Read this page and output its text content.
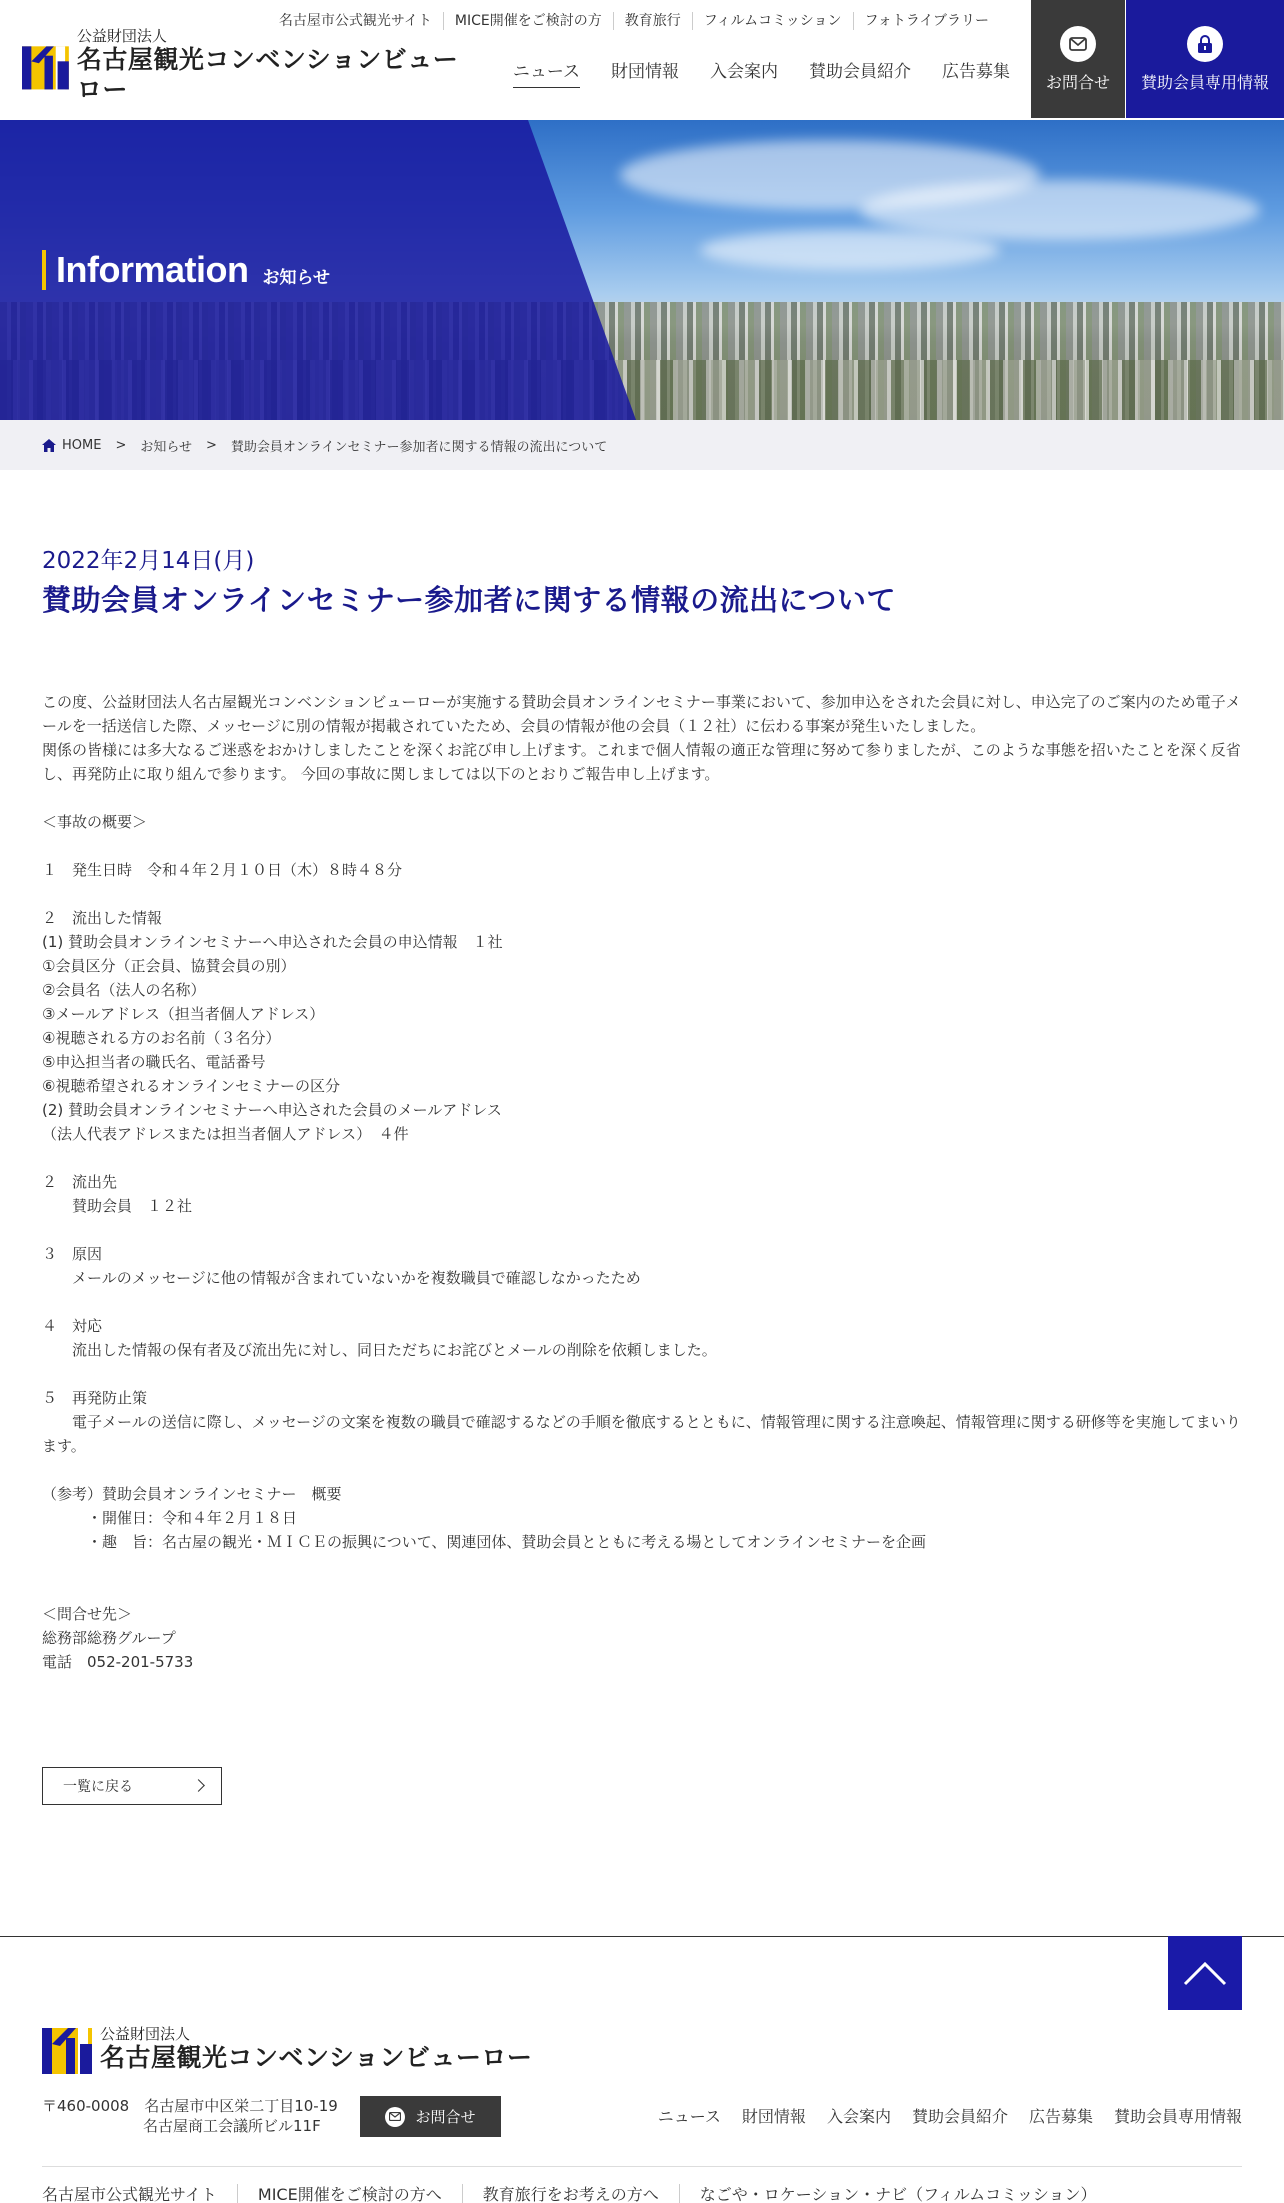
公益財団法人
名古屋観光コンベンションビューロー
名古屋市公式観光サイト	MICE開催をご検討の方	教育旅行	フィルムコミッション	フォトライブラリー
ニュース 財団情報 入会案内 賛助会員紹介 広告募集 お問合せ 賛助会員専用情報
Information お知らせ
HOME > お知らせ > 賛助会員オンラインセミナー参加者に関する情報の流出について
2022年2月14日(月)
賛助会員オンラインセミナー参加者に関する情報の流出について

この度、公益財団法人名古屋観光コンベンションビューローが実施する賛助会員オンラインセミナー事業において、参加申込をされた会員に対し、申込完了のご案内のため電子メールを一括送信した際、メッセージに別の情報が掲載されていたため、会員の情報が他の会員（１２社）に伝わる事案が発生いたしました。
関係の皆様には多大なるご迷惑をおかけしましたことを深くお詫び申し上げます。これまで個人情報の適正な管理に努めて参りましたが、このような事態を招いたことを深く反省し、再発防止に取り組んで参ります。 今回の事故に関しましては以下のとおりご報告申し上げます。

＜事故の概要＞

１　発生日時　令和４年２月１０日（木）８時４８分

２　流出した情報
(1) 賛助会員オンラインセミナーへ申込された会員の申込情報　１社
①会員区分（正会員、協賛会員の別）
②会員名（法人の名称）
③メールアドレス（担当者個人アドレス）
④視聴される方のお名前（３名分）
⑤申込担当者の職氏名、電話番号
⑥視聴希望されるオンラインセミナーの区分
(2) 賛助会員オンラインセミナーへ申込された会員のメールアドレス
（法人代表アドレスまたは担当者個人アドレス）　４件

２　流出先
　　賛助会員　１２社

３　原因
　　メールのメッセージに他の情報が含まれていないかを複数職員で確認しなかったため

４　対応
　　流出した情報の保有者及び流出先に対し、同日ただちにお詫びとメールの削除を依頼しました。

５　再発防止策
　　電子メールの送信に際し、メッセージの文案を複数の職員で確認するなどの手順を徹底するとともに、情報管理に関する注意喚起、情報管理に関する研修等を実施してまいります。

（参考）賛助会員オンラインセミナー　概要
　　　・開催日：令和４年２月１８日
　　　・趣　旨：名古屋の観光・ＭＩＣＥの振興について、関連団体、賛助会員とともに考える場としてオンラインセミナーを企画

＜問合せ先＞
総務部総務グループ
電話　052-201-5733

一覧に戻る
公益財団法人
名古屋観光コンベンションビューロー
〒460-0008　名古屋市中区栄二丁目10-19
名古屋商工会議所ビル11F	お問合せ	ニュース 財団情報 入会案内 賛助会員紹介 広告募集 賛助会員専用情報
名古屋市公式観光サイト	MICE開催をご検討の方へ	教育旅行をお考えの方へ	なごや・ロケーション・ナビ（フィルムコミッション）
